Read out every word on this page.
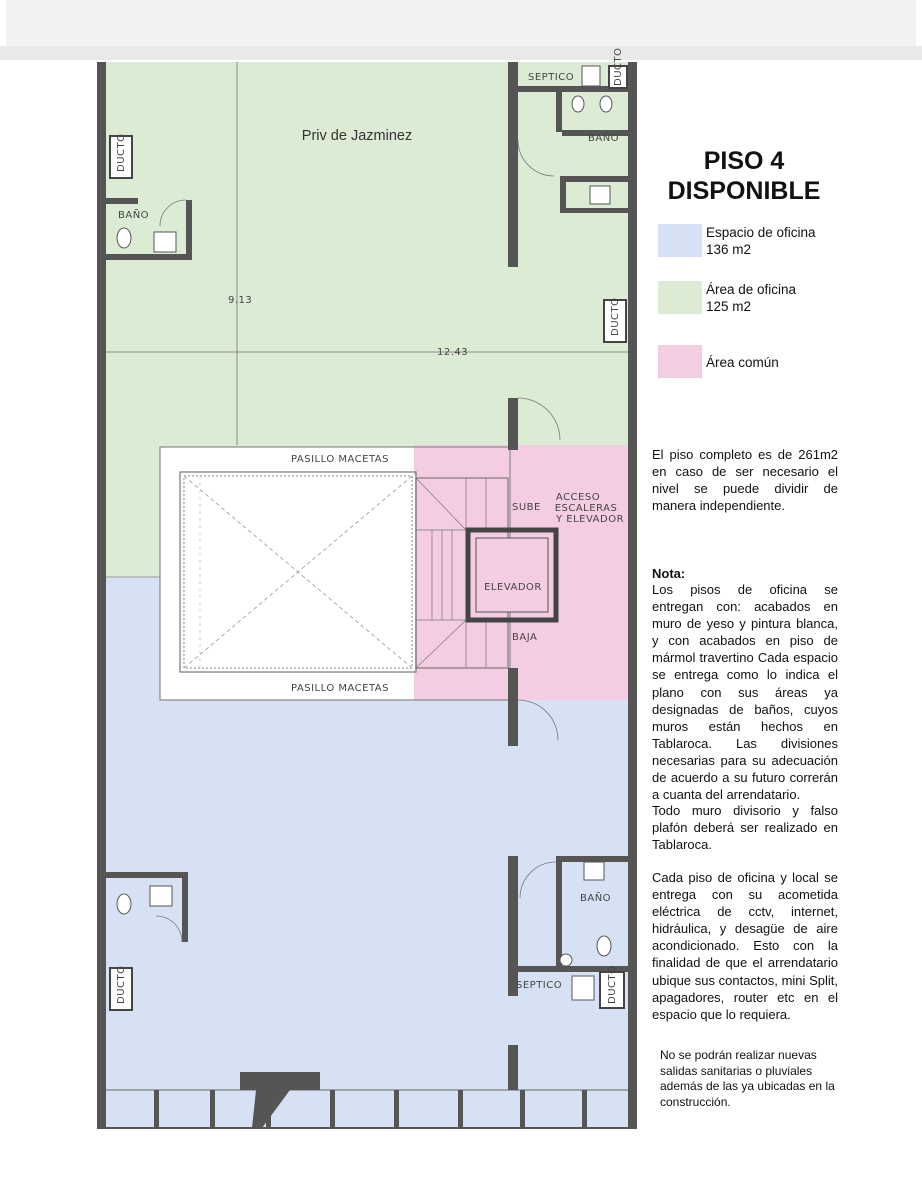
Priv de Jazminez
9.13
12.43
PASILLO MACETAS
PASILLO MACETAS
ACCESO
ESCALERAS
Y ELEVADOR
ELEVADOR
SUBE
BAJA
SEPTICO
SEPTICO
BAÑO
BAÑO
BAÑO
DUCTO
DUCTO
DUCTO
DUCTO	DUCTO
PISO 4
DISPONIBLE
Espacio de oficina
136 m2
Área de oficina
125 m2
Área común
El piso completo es de 261m2 en caso de ser necesario el nivel se puede dividir de manera independiente.
Nota:
Los pisos de oficina se entregan con: acabados en muro de yeso y pintura blanca, y con acabados en piso de mármol travertino Cada espacio se entrega como lo indica el plano con sus áreas ya designadas de baños, cuyos muros están hechos en Tablaroca. Las divisiones necesarias para su adecuación de acuerdo a su futuro correrán a cuanta del arrendatario.
Todo muro divisorio y falso plafón deberá ser realizado en Tablaroca.
Cada piso de oficina y local se entrega con su acometida eléctrica de cctv, internet, hidráulica, y desagüe de aire acondicionado. Esto con la finalidad de que el arrendatario ubique sus contactos, mini Split, apagadores, router etc en el espacio que lo requiera.
No se podrán realizar nuevas salidas sanitarias o pluviales además de las ya ubicadas en la construcción.
